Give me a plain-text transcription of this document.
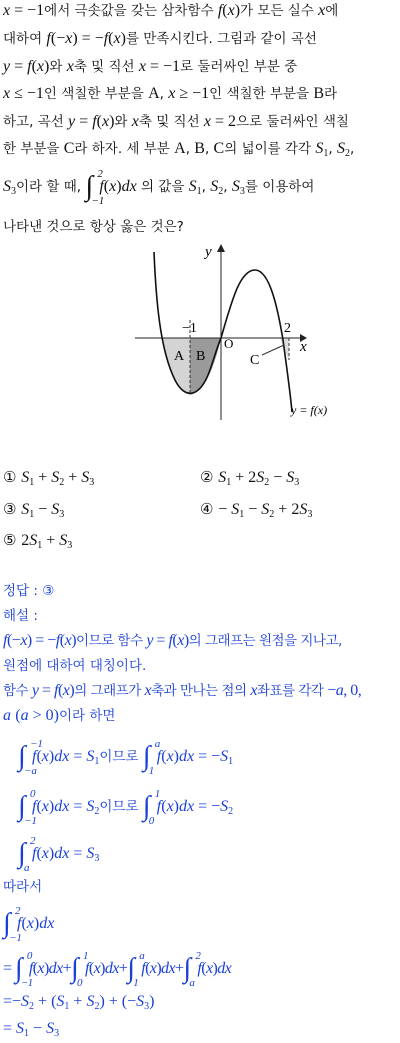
x = −1에서 극솟값을 갖는 삼차함수 f(x)가 모든 실수 x에
대하여 f(−x) = −f(x)를 만족시킨다. 그림과 같이 곡선
y = f(x)와 x축 및 직선 x = −1로 둘러싸인 부분 중
x ≤ −1인 색칠한 부분을 A, x ≥ −1인 색칠한 부분을 B라
하고, 곡선 y = f(x)와 x축 및 직선 x = 2으로 둘러싸인 색칠
한 부분을 C라 하자. 세 부분 A, B, C의 넓이를 각각 $S_1$, $S_2$,
$S_3$이라 할 때, ∫ 2
−1
f(x)dx 의 값을 $S_1$, $S_2$, $S_3$를 이용하여
나타낸 것으로 항상 옳은 것은?
y
x
O
−1	2
A B	C
y = f(x)
① $S_1 + S_2 + S_3$	② $S_1 + 2S_2 - S_3$
③ $S_1 - S_3$	④ − $S_1 - S_2 + 2S_3$
⑤ $2S_1 + S_3$
정답 : ③
해설 :
f(−x) = −f(x)이므로 함수 y = f(x)의 그래프는 원점을 지나고,
원점에 대하여 대칭이다.
함수 y = f(x)의 그래프가 x축과 만나는 점의 x좌표를 각각 −a, 0,
a (a > 0)이라 하면
∫ −1
−a
$f(x)dx = S_1$이므로 ∫ a
1
$f(x)dx = -S_1$
∫ 0
−1
$f(x)dx = S_2$이므로 ∫ 1
0
$f(x)dx = -S_2$
∫ 2
a
$f(x)dx = S_3$
따라서
∫ 2
−1
f(x)dx
= ∫ 0
−1
f(x)dx+∫ 1
0
f(x)dx+∫ a
1
f(x)dx+∫ 2
a
f(x)dx
$=-S_2 + (S_1 + S_2) + (-S_3)$
= $S_1 - S_3$
